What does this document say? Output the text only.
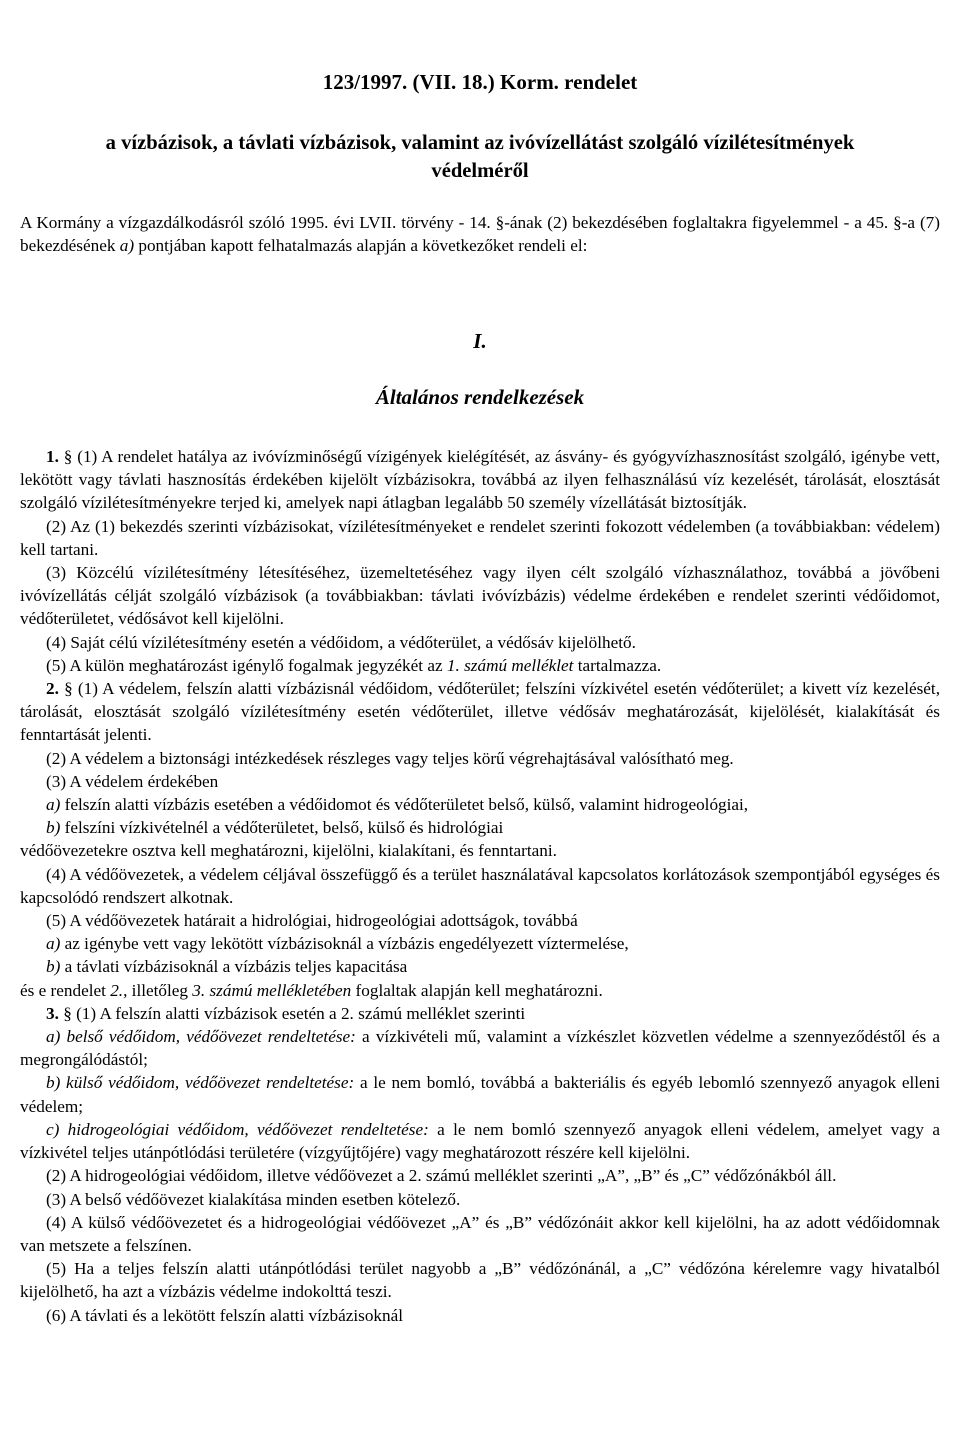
123/1997. (VII. 18.) Korm. rendelet
a vízbázisok, a távlati vízbázisok, valamint az ivóvízellátást szolgáló vízilétesítmények
védelméről
A Kormány a vízgazdálkodásról szóló 1995. évi LVII. törvény - 14. §-ának (2) bekezdésében foglaltakra figyelemmel - a 45. §-a (7) bekezdésének a) pontjában kapott felhatalmazás alapján a következőket rendeli el:
I.
Általános rendelkezések

1. § (1) A rendelet hatálya az ivóvízminőségű vízigények kielégítését, az ásvány- és gyógyvízhasznosítást szolgáló, igénybe vett, lekötött vagy távlati hasznosítás érdekében kijelölt vízbázisokra, továbbá az ilyen felhasználású víz kezelését, tárolását, elosztását szolgáló vízilétesítményekre terjed ki, amelyek napi átlagban legalább 50 személy vízellátását biztosítják.

(2) Az (1) bekezdés szerinti vízbázisokat, vízilétesítményeket e rendelet szerinti fokozott védelemben (a továbbiakban: védelem) kell tartani.

(3) Közcélú vízilétesítmény létesítéséhez, üzemeltetéséhez vagy ilyen célt szolgáló vízhasználathoz, továbbá a jövőbeni ivóvízellátás célját szolgáló vízbázisok (a továbbiakban: távlati ivóvízbázis) védelme érdekében e rendelet szerinti védőidomot, védőterületet, védősávot kell kijelölni.

(4) Saját célú vízilétesítmény esetén a védőidom, a védőterület, a védősáv kijelölhető.

(5) A külön meghatározást igénylő fogalmak jegyzékét az 1. számú melléklet tartalmazza.

2. § (1) A védelem, felszín alatti vízbázisnál védőidom, védőterület; felszíni vízkivétel esetén védőterület; a kivett víz kezelését, tárolását, elosztását szolgáló vízilétesítmény esetén védőterület, illetve védősáv meghatározását, kijelölését, kialakítását és fenntartását jelenti.

(2) A védelem a biztonsági intézkedések részleges vagy teljes körű végrehajtásával valósítható meg.

(3) A védelem érdekében

a) felszín alatti vízbázis esetében a védőidomot és védőterületet belső, külső, valamint hidrogeológiai,

b) felszíni vízkivételnél a védőterületet, belső, külső és hidrológiai

védőövezetekre osztva kell meghatározni, kijelölni, kialakítani, és fenntartani.

(4) A védőövezetek, a védelem céljával összefüggő és a terület használatával kapcsolatos korlátozások szempontjából egységes és kapcsolódó rendszert alkotnak.

(5) A védőövezetek határait a hidrológiai, hidrogeológiai adottságok, továbbá

a) az igénybe vett vagy lekötött vízbázisoknál a vízbázis engedélyezett víztermelése,

b) a távlati vízbázisoknál a vízbázis teljes kapacitása

és e rendelet 2., illetőleg 3. számú mellékletében foglaltak alapján kell meghatározni.

3. § (1) A felszín alatti vízbázisok esetén a 2. számú melléklet szerinti

a) belső védőidom, védőövezet rendeltetése: a vízkivételi mű, valamint a vízkészlet közvetlen védelme a szennyeződéstől és a megrongálódástól;

b) külső védőidom, védőövezet rendeltetése: a le nem bomló, továbbá a bakteriális és egyéb lebomló szennyező anyagok elleni védelem;

c) hidrogeológiai védőidom, védőövezet rendeltetése: a le nem bomló szennyező anyagok elleni védelem, amelyet vagy a vízkivétel teljes utánpótlódási területére (vízgyűjtőjére) vagy meghatározott részére kell kijelölni.

(2) A hidrogeológiai védőidom, illetve védőövezet a 2. számú melléklet szerinti „A”, „B” és „C” védőzónákból áll.

(3) A belső védőövezet kialakítása minden esetben kötelező.

(4) A külső védőövezetet és a hidrogeológiai védőövezet „A” és „B” védőzónáit akkor kell kijelölni, ha az adott védőidomnak van metszete a felszínen.

(5) Ha a teljes felszín alatti utánpótlódási terület nagyobb a „B” védőzónánál, a „C” védőzóna kérelemre vagy hivatalból kijelölhető, ha azt a vízbázis védelme indokolttá teszi.

(6) A távlati és a lekötött felszín alatti vízbázisoknál
